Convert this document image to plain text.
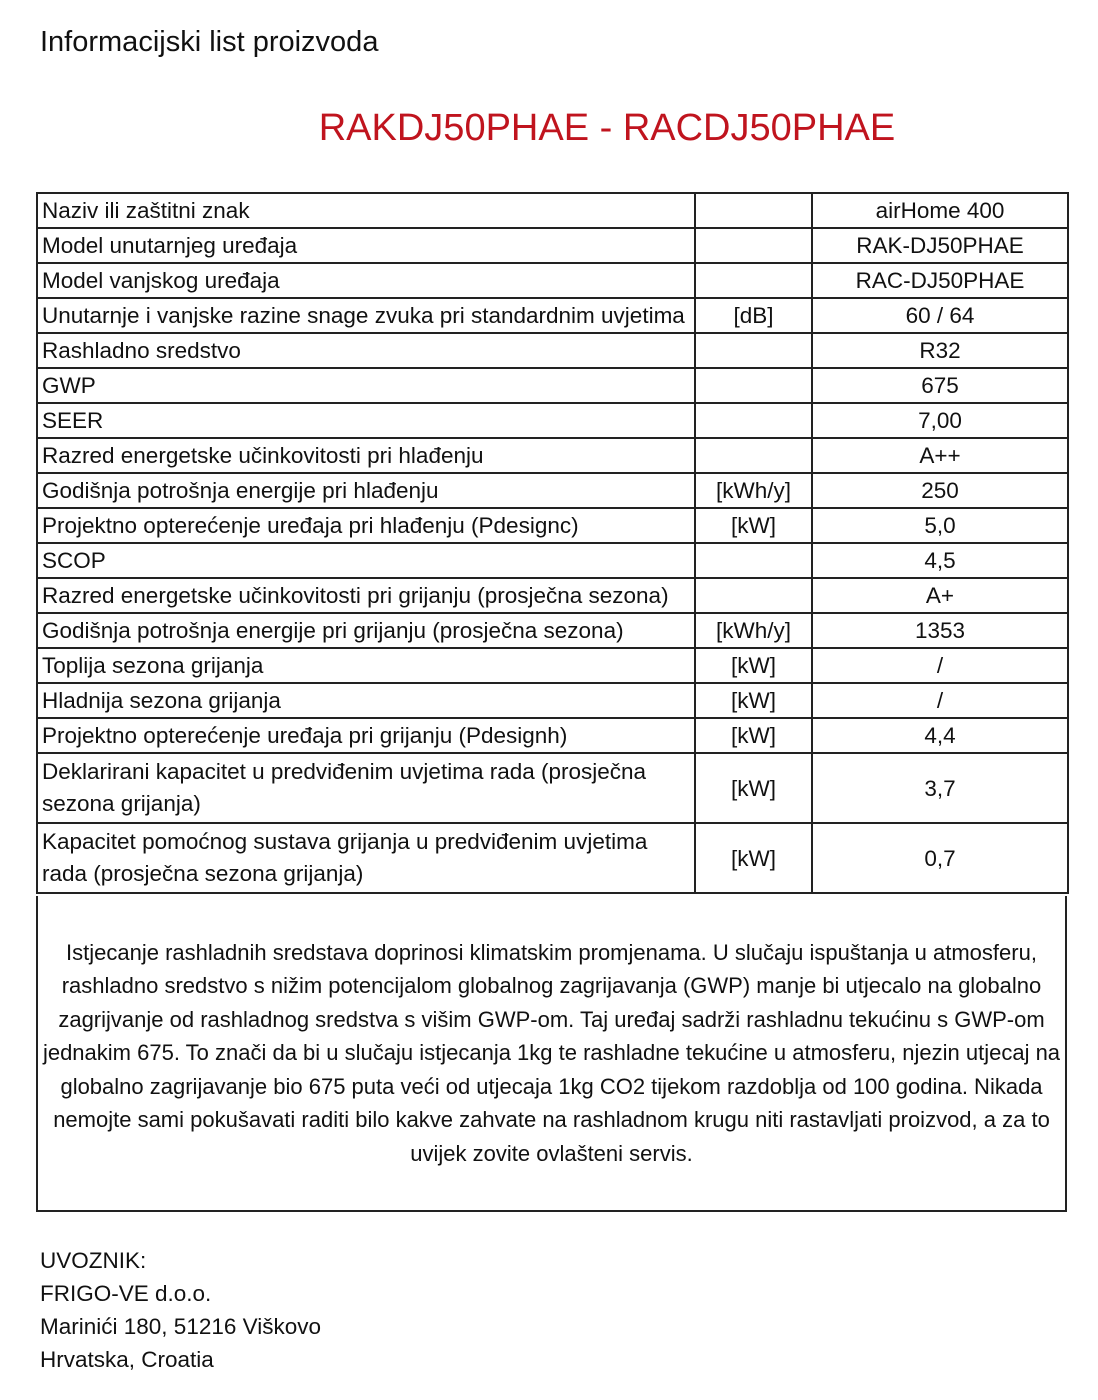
Informacijski list proizvoda
RAKDJ50PHAE - RACDJ50PHAE
Naziv ili zaštitni znak		airHome 400
Model unutarnjeg uređaja		RAK-DJ50PHAE
Model vanjskog uređaja		RAC-DJ50PHAE
Unutarnje i vanjske razine snage zvuka pri standardnim uvjetima	[dB]	60 / 64
Rashladno sredstvo		R32
GWP		675
SEER		7,00
Razred energetske učinkovitosti pri hlađenju		A++
Godišnja potrošnja energije pri hlađenju	[kWh/y]	250
Projektno opterećenje uređaja pri hlađenju (Pdesignc)	[kW]	5,0
SCOP		4,5
Razred energetske učinkovitosti pri grijanju (prosječna sezona)		A+
Godišnja potrošnja energije pri grijanju (prosječna sezona)	[kWh/y]	1353
Toplija sezona grijanja	[kW]	/
Hladnija sezona grijanja	[kW]	/
Projektno opterećenje uređaja pri grijanju (Pdesignh)	[kW]	4,4
Deklarirani kapacitet u predviđenim uvjetima rada (prosječna sezona grijanja)	[kW]	3,7
Kapacitet pomoćnog sustava grijanja u predviđenim uvjetima rada (prosječna sezona grijanja)	[kW]	0,7

Istjecanje rashladnih sredstava doprinosi klimatskim promjenama. U slučaju ispuštanja u atmosferu, rashladno sredstvo s nižim potencijalom globalnog zagrijavanja (GWP) manje bi utjecalo na globalno zagrijvanje od rashladnog sredstva s višim GWP-om. Taj uređaj sadrži rashladnu tekućinu s GWP-om jednakim 675. To znači da bi u slučaju istjecanja 1kg te rashladne tekućine u atmosferu, njezin utjecaj na globalno zagrijavanje bio 675 puta veći od utjecaja 1kg CO2 tijekom razdoblja od 100 godina. Nikada nemojte sami pokušavati raditi bilo kakve zahvate na rashladnom krugu niti rastavljati proizvod, a za to uvijek zovite ovlašteni servis.

UVOZNIK:
FRIGO-VE d.o.o.
Marinići 180, 51216 Viškovo
Hrvatska, Croatia
